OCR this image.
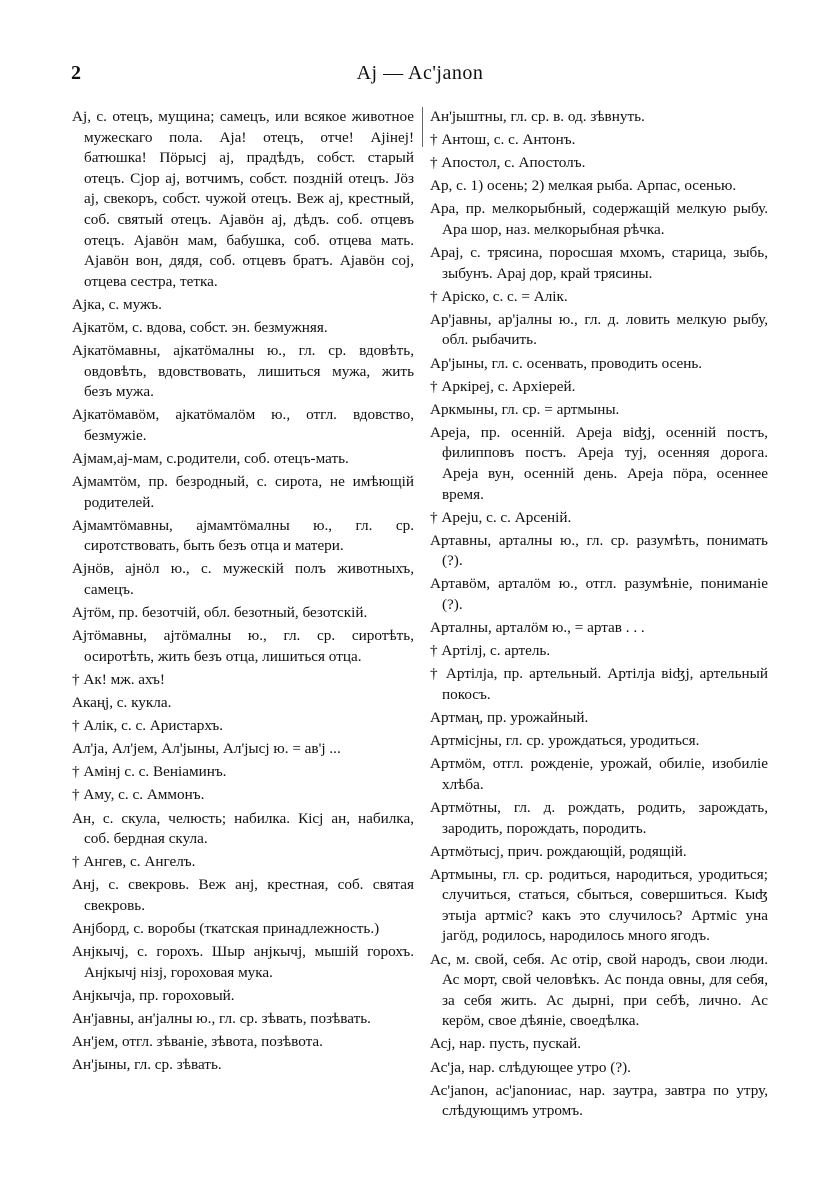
2	Aj — Ac'janon

Aj, с. отецъ, мущина; самецъ, или всякое животное мужескаго пола. Aja! отецъ, отче! Ajінеj! батюшка! Пöрысj aj, прадѣдъ, собст. старый отецъ. Сjор aj, вотчимъ, собст. поздній отецъ. Jöз aj, свекоръ, собст. чужой отецъ. Веж aj, крестный, соб. святый отецъ. Ajaвöн aj, дѣдъ. соб. отцевъ отецъ. Ajaвöн мам, бабушка, соб. отцева мать. Ajaвöн вон, дядя, соб. отцевъ братъ. Ajaвöн соj, отцева сестра, тетка.

Ajка, с. мужъ.

Ajкатöм, с. вдова, собст. эн. безмужняя.

Ajкатöмавны, ajкатöмалны ю., гл. ср. вдовѣть, овдовѣть, вдовствовать, лишиться мужа, жить безъ мужа.

Ajкатöмавöм, ajкатöмалöм ю., отгл. вдовство, безмужіе.

Ajмам,aj-мам, с.родители, соб. отецъ-мать.

Ajмамтöм, пр. безродный, с. сирота, не имѣющій родителей.

Ajмамтöмавны, ajмамтöмалны ю., гл. ср. сиротствовать, быть безъ отца и матери.

Ajнöв, ajнöл ю., с. мужескій полъ животныхъ, самецъ.

Ajтöм, пр. безотчій, обл. безотный, безотскій.

Ajтöмавны, ajтöмалны ю., гл. ср. сиротѣть, осиротѣть, жить безъ отца, лишиться отца.

† Ак! мж. ахъ!

Акаңj, с. кукла.

† Алік, с. с. Аристархъ.

Ал'ja, Ал'jeм, Ал'jыны, Ал'jысj ю. = ав'j ...

† Амінj с. с. Веніаминъ.

† Амy, с. с. Аммонъ.

Ан, с. скула, челюсть; набилка. Кісj ан, набилка, соб. бердная скула.

† Ангев, с. Ангелъ.

Анj, с. свекровь. Веж анj, крестная, соб. святая свекровь.

Анjборд, с. воробы (ткатская принадлежность.)

Анjкычj, с. горохъ. Шыр анjкычj, мышій горохъ. Анjкычj нiзj, гороховая мука.

Анjкычja, пр. гороховый.

Ан'jавны, ан'jалны ю., гл. ср. зѣвать, позѣвать.

Ан'jeм, отгл. зѣваніе, зѣвота, позѣвота.

Ан'jыны, гл. ср. зѣвать.

Ан'jыштны, гл. ср. в. од. зѣвнуть.

† Антош, с. с. Антонъ.

† Апостол, с. Апостолъ.

Ар, с. 1) осень; 2) мелкая рыба. Арпас, осенью.

Ара, пр. мелкорыбный, содержащій мелкую рыбу. Ара шор, наз. мелкорыбная рѣчка.

Арaj, с. трясина, поросшая мхомъ, старица, зыбь, зыбунъ. Арaj дор, край трясины.

† Аріско, с. с. = Алік.

Ар'jавны, ар'jалны ю., гл. д. ловить мелкую рыбу, обл. рыбачить.

Ар'jыны, гл. с. осенвать, проводить осень.

† Аркірej, с. Архіерей.

Аркмыны, гл. ср. = артмыны.

Арeja, пр. осенній. Арeja віʤj, осенній постъ, филипповъ постъ. Арeja туj, осенняя дорога. Арeja вун, осенній день. Арeja пöра, осеннее время.

† Арeju, с. с. Арсеній.

Артавны, арталны ю., гл. ср. разумѣть, понимать (?).

Артавöм, арталöм ю., отгл. разумѣніе, пониманіе (?).

Арталны, арталöм ю., = артав . . .

† Артiлj, с. артель.

† Артiлja, пр. артельный. Артiлja віʤj, артельный покосъ.

Артмаң, пр. урожайный.

Артмiсjны, гл. ср. урождаться, уродиться.

Артмöм, отгл. рожденіе, урожай, обиліе, изобиліе хлѣба.

Артмöтны, гл. д. рождать, родить, зарождать, зародить, порождать, породить.

Артмöтысj, прич. рождающій, родящій.

Артмыны, гл. ср. родиться, народиться, уродиться; случиться, статься, сбыться, совершиться. Кыʤ этыja артмiс? какъ это случилось? Артмiс уна jагöд, родилось, народилось много ягодъ.

Ас, м. свой, себя. Ас отiр, свой народъ, свои люди. Ас морт, свой человѣкъ. Ас понда овны, для себя, за себя жить. Ас дырнi, при себѣ, лично. Ас керöм, свое дѣяніе, своедѣлка.

Асj, нар. пусть, пускай.

Ас'ja, нар. слѣдующее утро (?).

Ас'janон, ас'janониас, нар. заутра, завтра по утру, слѣдующимъ утромъ.
